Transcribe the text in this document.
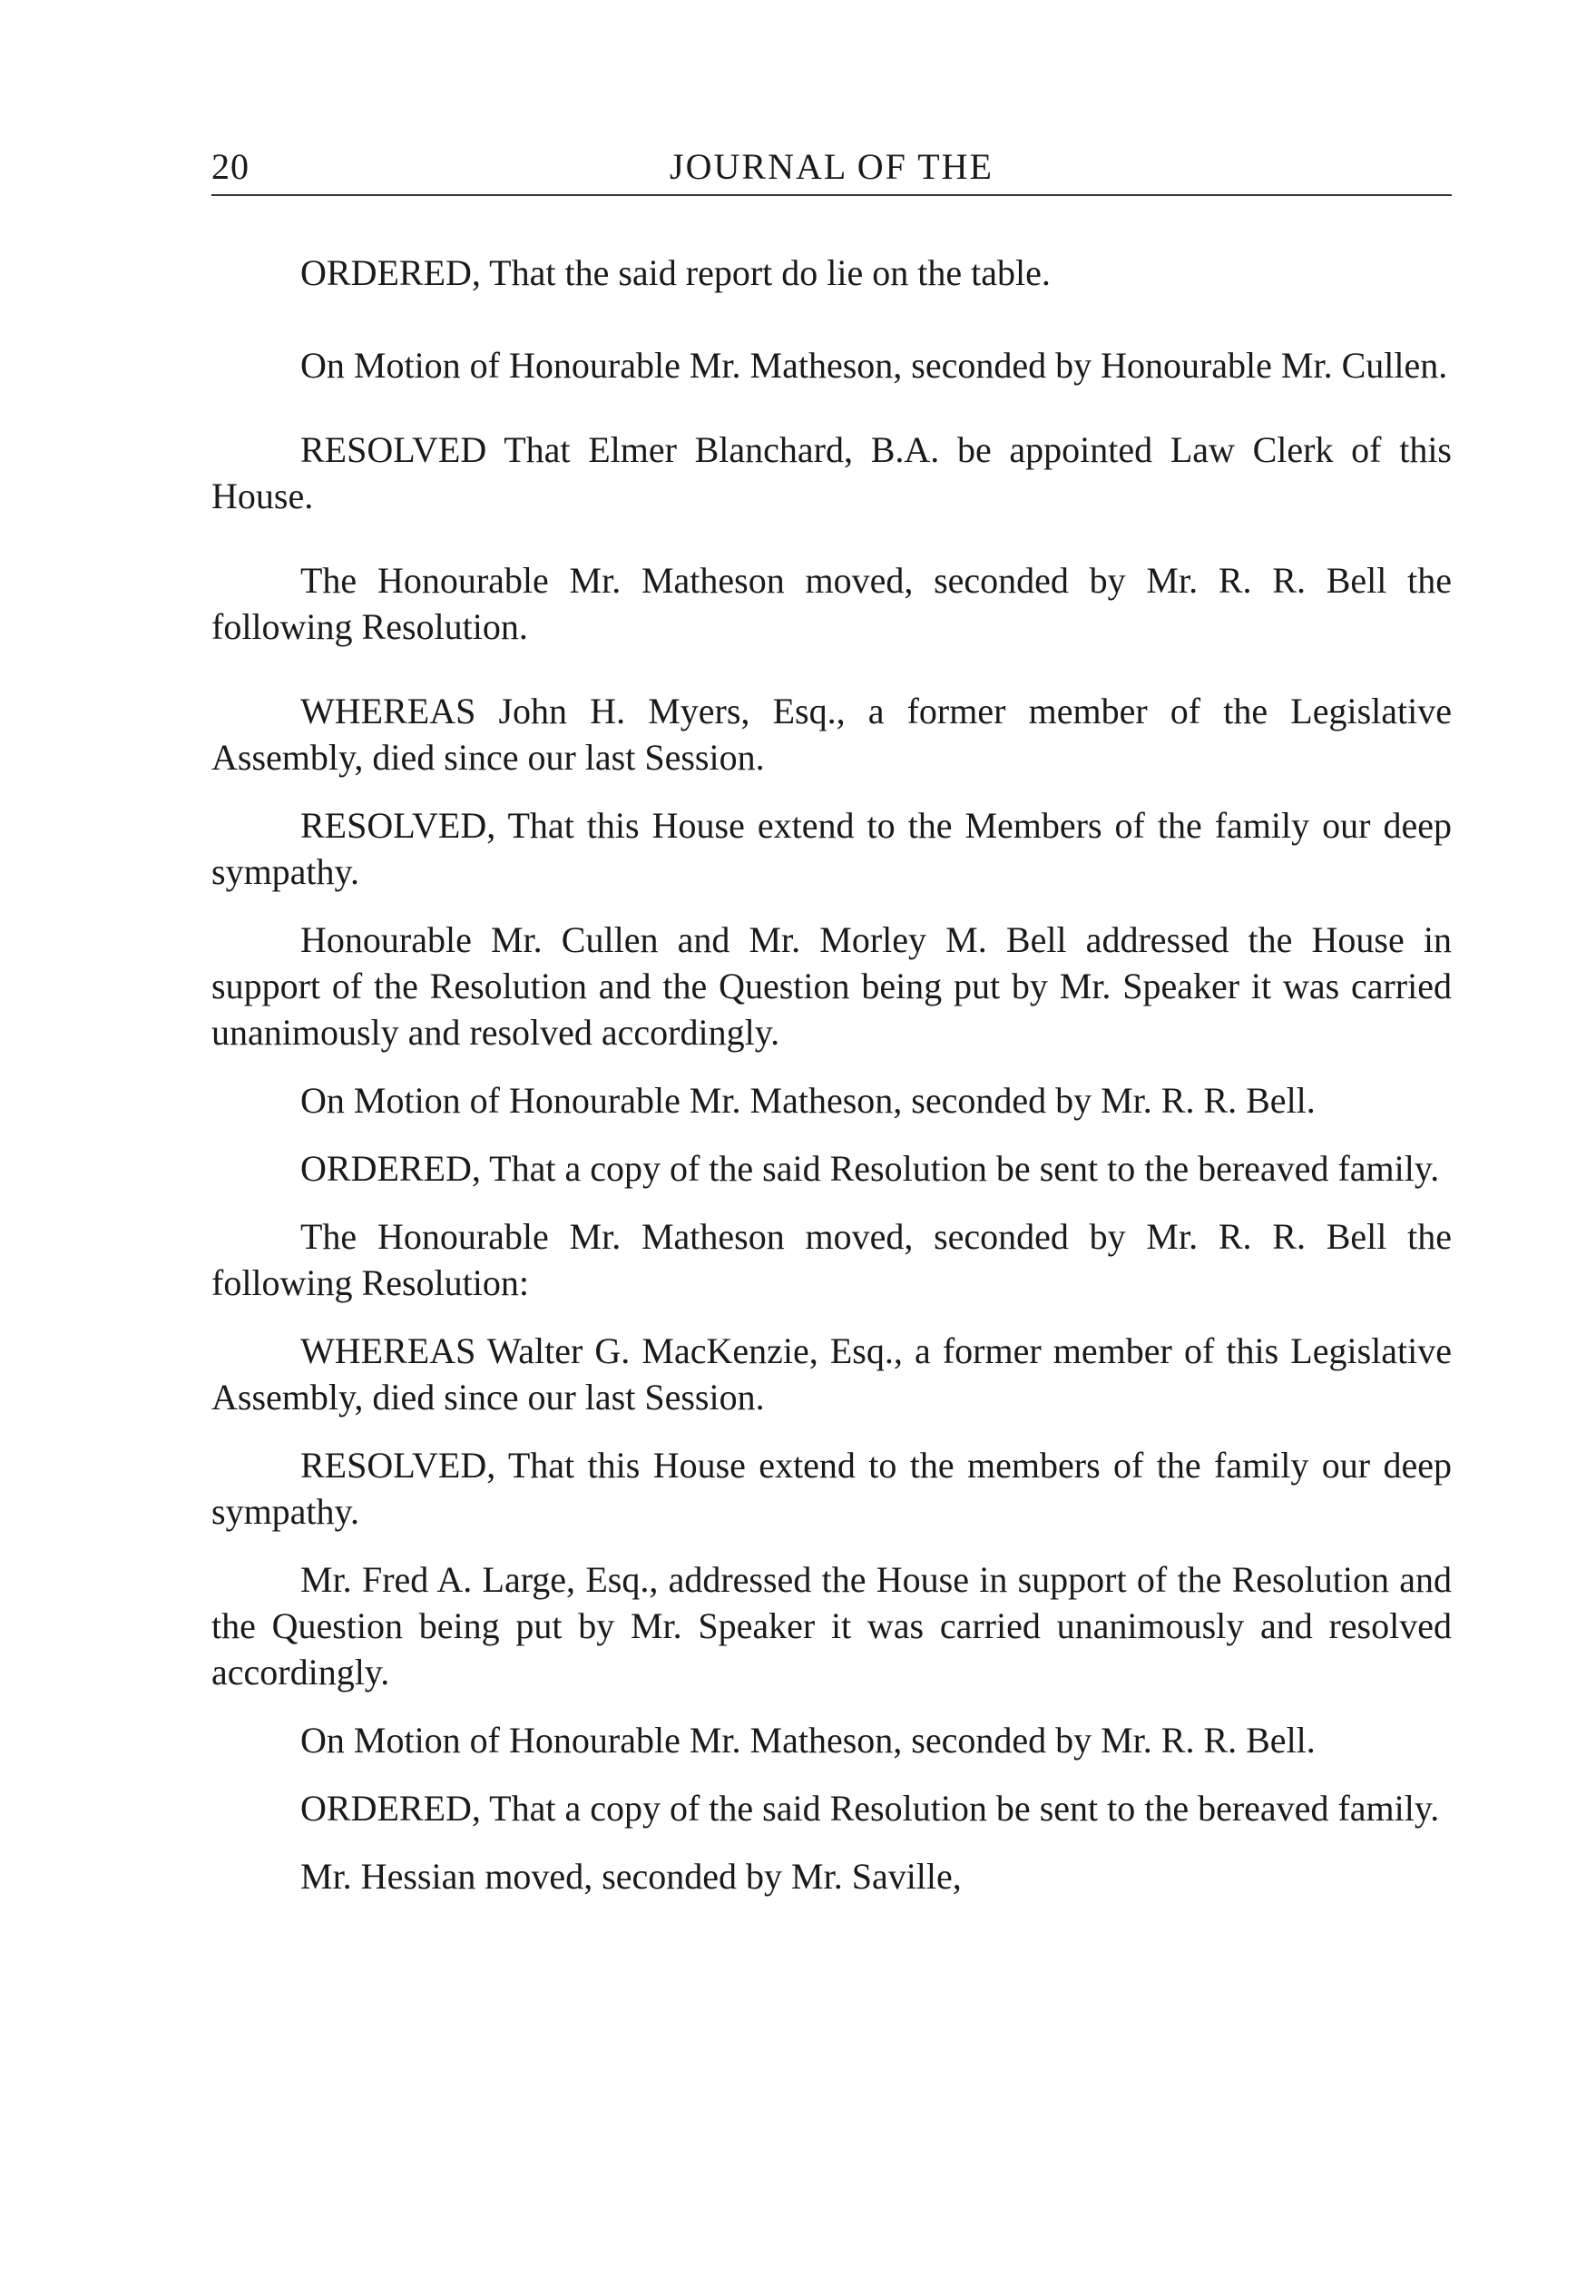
20	JOURNAL OF THE

ORDERED, That the said report do lie on the table.

On Motion of Honourable Mr. Matheson, seconded by Honourable Mr. Cullen.

RESOLVED That Elmer Blanchard, B.A. be appointed Law Clerk of this House.

The Honourable Mr. Matheson moved, seconded by Mr. R. R. Bell the following Resolution.

WHEREAS John H. Myers, Esq., a former member of the Legislative Assembly, died since our last Session.

RESOLVED, That this House extend to the Members of the family our deep sympathy.

Honourable Mr. Cullen and Mr. Morley M. Bell addressed the House in support of the Resolution and the Question being put by Mr. Speaker it was carried unanimously and resolved accordingly.

On Motion of Honourable Mr. Matheson, seconded by Mr. R. R. Bell.

ORDERED, That a copy of the said Resolution be sent to the bereaved family.

The Honourable Mr. Matheson moved, seconded by Mr. R. R. Bell the following Resolution:

WHEREAS Walter G. MacKenzie, Esq., a former member of this Legislative Assembly, died since our last Session.

RESOLVED, That this House extend to the members of the family our deep sympathy.

Mr. Fred A. Large, Esq., addressed the House in support of the Resolution and the Question being put by Mr. Speaker it was carried unanimously and resolved accordingly.

On Motion of Honourable Mr. Matheson, seconded by Mr. R. R. Bell.

ORDERED, That a copy of the said Resolution be sent to the bereaved family.

Mr. Hessian moved, seconded by Mr. Saville,
